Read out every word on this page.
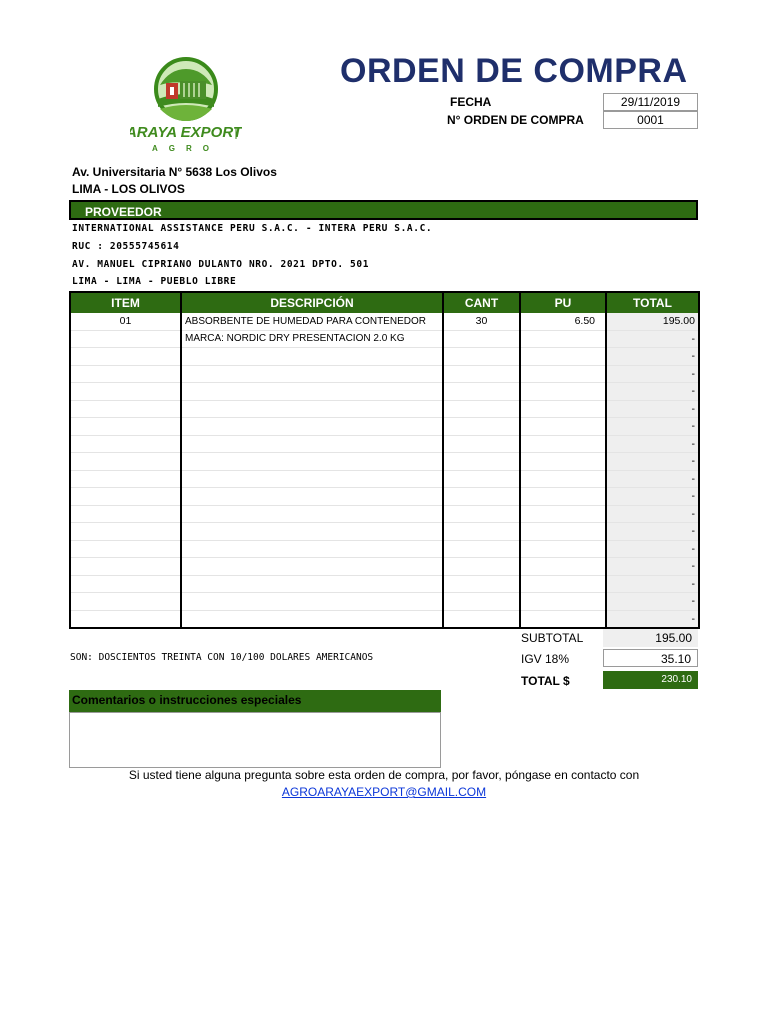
ARAYA EXPORT
AGRO
ORDEN DE COMPRA
FECHA	29/11/2019
N° ORDEN DE COMPRA	0001
Av. Universitaria N° 5638 Los Olivos
LIMA - LOS OLIVOS
PROVEEDOR
INTERNATIONAL ASSISTANCE PERU S.A.C. - INTERA PERU S.A.C.
RUC : 20555745614
AV. MANUEL CIPRIANO DULANTO NRO. 2021 DPTO. 501
LIMA - LIMA - PUEBLO LIBRE
ITEM	DESCRIPCIÓN	CANT	PU	TOTAL
01	ABSORBENTE DE HUMEDAD PARA CONTENEDOR	30	6.50	195.00
	MARCA: NORDIC DRY PRESENTACION 2.0 KG			-
				-
				-
				-
				-
				-
				-
				-
				-
				-
				-
				-
				-
				-
				-
				-
				-
SUBTOTAL	195.00
SON: DOSCIENTOS TREINTA CON 10/100 DOLARES AMERICANOS	IGV 18%	35.10
TOTAL $	230.10
Comentarios o instrucciones especiales
Si usted tiene alguna pregunta sobre esta orden de compra, por favor, póngase en contacto con
AGROARAYAEXPORT@GMAIL.COM
